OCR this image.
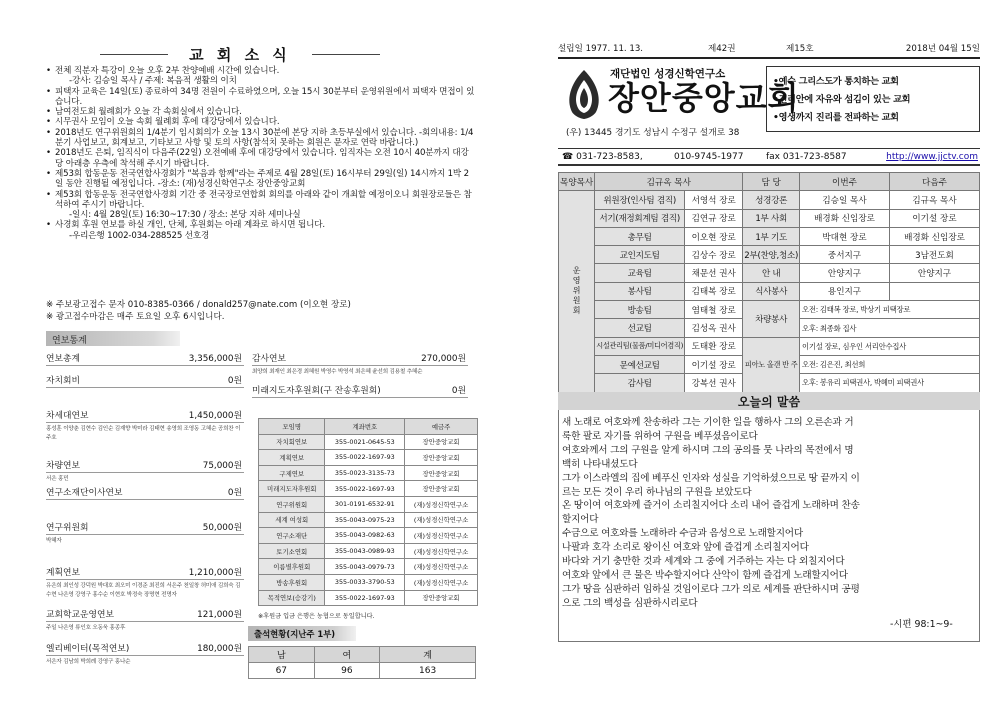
교 회 소 식
• 전체 직분자 특강이 오늘 오후 2부 찬양예배 시간에 있습니다.
-강사: 김승일 목사 / 주제: 복음적 생활의 이치
• 피택자 교육은 14일(토) 종료하여 34명 전원이 수료하였으며, 오늘 15시 30분부터 운영위원에서 피택자 면접이 있습니다.
• 남여전도회 월례회가 오늘 각 속회실에서 있습니다.
• 시무권사 모임이 오늘 속회 월례회 후에 대강당에서 있습니다.
• 2018년도 연구위원회의 1/4분기 임시회의가 오늘 13시 30분에 본당 지하 초등부실에서 있습니다. -회의내용: 1/4분기 사업보고, 회계보고, 기타보고 사항 및 토의 사항(참석치 못하는 회원은 문자로 연락 바랍니다.)
• 2018년도 은퇴, 임직식이 다음주(22일) 오전예배 후에 대강당에서 있습니다. 임직자는 오전 10시 40분까지 대강당 아래층 우측에 착석해 주시기 바랍니다.
• 제53회 합동운동 전국연합사경회가 "복음과 함께"라는 주제로 4월 28일(토) 16시부터 29일(일) 14시까지 1박 2일 동안 진행될 예정입니다. -장소: (재)성경신학연구소 장안중앙교회
• 제53회 합동운동 전국연합사경회 기간 중 전국장로연합회 회의를 아래와 같이 개최할 예정이오니 회원장로들은 참석하여 주시기 바랍니다.
-일시: 4월 28일(토) 16:30~17:30 / 장소: 본당 지하 세미나실
• 사경회 후원 연보를 하실 개인, 단체, 후원회는 아래 계좌로 하시면 됩니다.
-우리은행 1002-034-288525 선호경
※ 주보광고접수 문자 010-8385-0366 / donald257@nate.com (이오현 장로)
※ 광고접수마감은 매주 토요일 오후 6시입니다.
연보통계
연보총계	3,356,000원
자치회비	0원
차세대연보	1,450,000원
홍성훈 이양춘 김현수 김인순 김재향 박미라 김태현 송영희 조영동 고혜순 공희찬 이주호
차량연보	75,000원
서은 홍민
연구소재단이사연보	0원
연구위원회	50,000원
박혜자
계획연보	1,210,000원
유은희 최인성 강덕원 박대호 최오미 이경준 최진희 서은주 천일창 허미애 김희숙 김수현 나은영 강영구 홍수순 이현호 박정숙 장명현 전명자
교회학교운영연보	121,000원
주일 나은영 류인호 오동욱 홍종후
엘리베이터(목적연보)	180,000원
서은자 김남희 박희례 강영구 홍나순
감사연보	270,000원
최양희 최재인 최은경 최혜원 박영수 박영석 최은혜 윤선희 김용철 추혜순
미래지도자후원회(구 잔송후원회)	0원
모임명	계좌번호	예금주
자치회연보	355-0021-0645-53	장안중앙교회
계획연보	355-0022-1697-93	장안중앙교회
구제연보	355-0023-3135-73	장안중앙교회
미래지도자후원회	355-0022-1697-93	장안중앙교회
연구위원회	301-0191-6532-91	(재)성경신학연구소
세계 여성회	355-0043-0975-23	(재)성경신학연구소
연구소재단	355-0043-0982-63	(재)성경신학연구소
토기소연회	355-0043-0989-93	(재)성경신학연구소
이름별후원회	355-0043-0979-73	(재)성경신학연구소
방송후원회	355-0033-3790-53	(재)성경신학연구소
목적연보(승강기)	355-0022-1697-93	장안중앙교회
※후원금 입금 은행은 농협으로 동일합니다.
출석현황(지난주 1부)
남	여	계
67	96	163
설립일 1977. 11. 13.	제42권	제15호	2018년 04월 15일
재단법인 성경신학연구소
장안중앙교회
(우) 13445 경기도 성남시 수정구 설개로 38
•예수 그리스도가 통치하는 교회
•진리안에 자유와 섬김이 있는 교회
•영생까지 진리를 전파하는 교회
☎ 031-723-8583,	010-9745-1977	fax 031-723-8587	http://www.jjctv.com
목양목사	김규옥 목사		담 당	이번주	다음주

운영위원회	위원장(인사팀 겸직)	서영석 장로	성경강론	김승일 목사	김규옥 목사
	서기(재정회계팀 겸직)	김연규 장로	1부 사회	배경화 신임장로	이기설 장로
	총무팀	이오현 장로	1부 기도	박대현 장로	배경화 신임장로
	교인지도팀	김상수 장로	2부(찬양,청소)	중서지구	3남전도회
	교육팀	채문선 권사	안 내	안양지구	안양지구
	봉사팀	김태복 장로	식사봉사	용인지구	
	방송팀	염태철 장로	차량봉사	오전: 김태복 장로, 박상기 피택장로	
	선교팀	김성옥 권사		오후: 최종화 집사	
	시설관리팀(물품/미디어겸직)	도태환 장로	피아노 올갠 반 주	이기설 장로, 심우인 서리안수집사	
	문예선교팀	이기설 장로		오전: 김은진, 최선희	
	감사팀	강복선 권사		오후: 봉유리 피택권사, 박혜미 피택권사	
오늘의 말씀
새 노래로 여호와께 찬송하라 그는 기이한 일을 행하사 그의 오른손과 거
룩한 팔로 자기를 위하여 구원을 베푸셨음이로다
여호와께서 그의 구원을 알게 하시며 그의 공의를 뭇 나라의 목전에서 명
백히 나타내셨도다
그가 이스라엘의 집에 베푸신 인자와 성실을 기억하셨으므로 땅 끝까지 이
르는 모든 것이 우리 하나님의 구원을 보았도다
온 땅이여 여호와께 즐거이 소리칠지어다 소리 내어 즐겁게 노래하며 찬송
할지어다
수금으로 여호와를 노래하라 수금과 음성으로 노래할지어다
나팔과 호각 소리로 왕이신 여호와 앞에 즐겁게 소리칠지어다
바다와 거기 충만한 것과 세계와 그 중에 거주하는 자는 다 외칠지어다
여호와 앞에서 큰 물은 박수할지어다 산악이 함께 즐겁게 노래할지어다
그가 땅을 심판하러 임하실 것임이로다 그가 의로 세계를 판단하시며 공평
으로 그의 백성을 심판하시리로다
-시편 98:1~9-
